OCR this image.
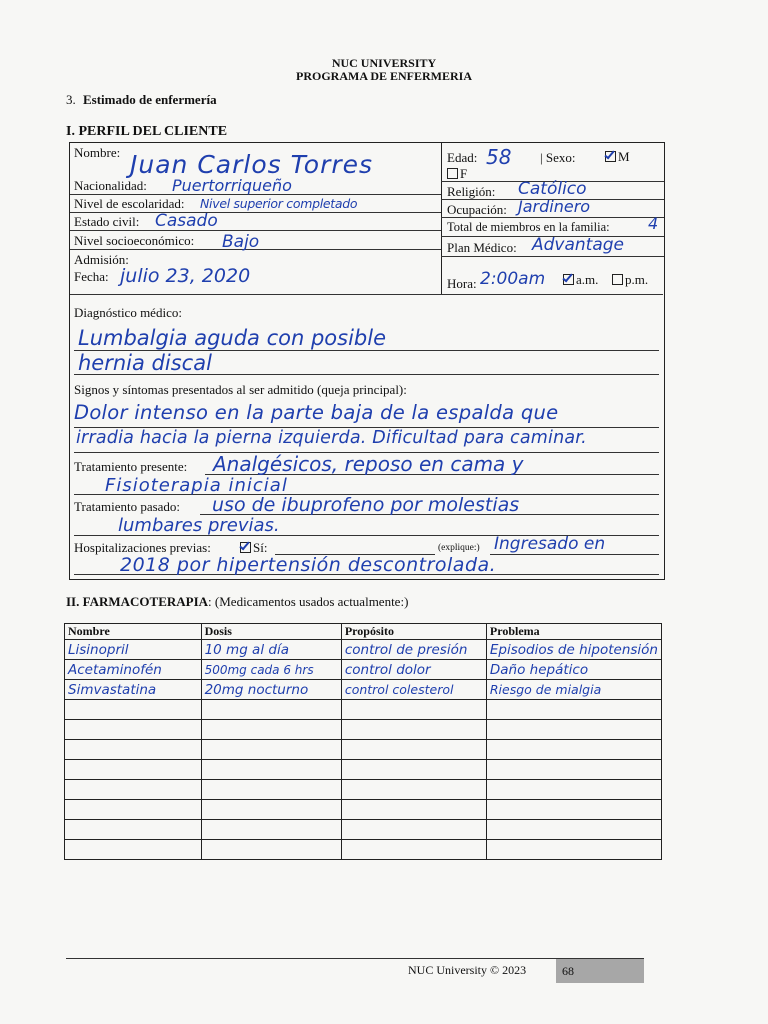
NUC UNIVERSITY
PROGRAMA DE ENFERMERIA
3. Estimado de enfermería
I. PERFIL DEL CLIENTE
Nombre: Juan Carlos Torres	Edad: 58 | Sexo:	M
F
Nacionalidad: Puertorriqueño	Religión: Católico
Nivel de escolaridad: Nivel superior completado	Ocupación: Jardinero
Estado civil: Casado	Total de miembros en la familia: 4
Nivel socioeconómico: Bajo	Plan Médico: Advantage
Admisión:
Fecha: julio 23, 2020	Hora: 2:00am	a.m.	p.m.
Diagnóstico médico:
Lumbalgia aguda con posible
hernia discal
Signos y síntomas presentados al ser admitido (queja principal):
Dolor intenso en la parte baja de la espalda que
irradia hacia la pierna izquierda. Dificultad para caminar.
Tratamiento presente: Analgésicos, reposo en cama y
Fisioterapia inicial
Tratamiento pasado: uso de ibuprofeno por molestias
lumbares previas.
Hospitalizaciones previas:	Sí:	(explique:) Ingresado en
2018 por hipertensión descontrolada.
II. FARMACOTERAPIA: (Medicamentos usados actualmente:)
Nombre	Dosis	Propósito	Problema
Lisinopril	10 mg al día	control de presión	Episodios de hipotensión
Acetaminofén	500mg cada 6 hrs	control dolor	Daño hepático
Simvastatina	20mg nocturno	control colesterol	Riesgo de mialgia

NUC University © 2023	68
